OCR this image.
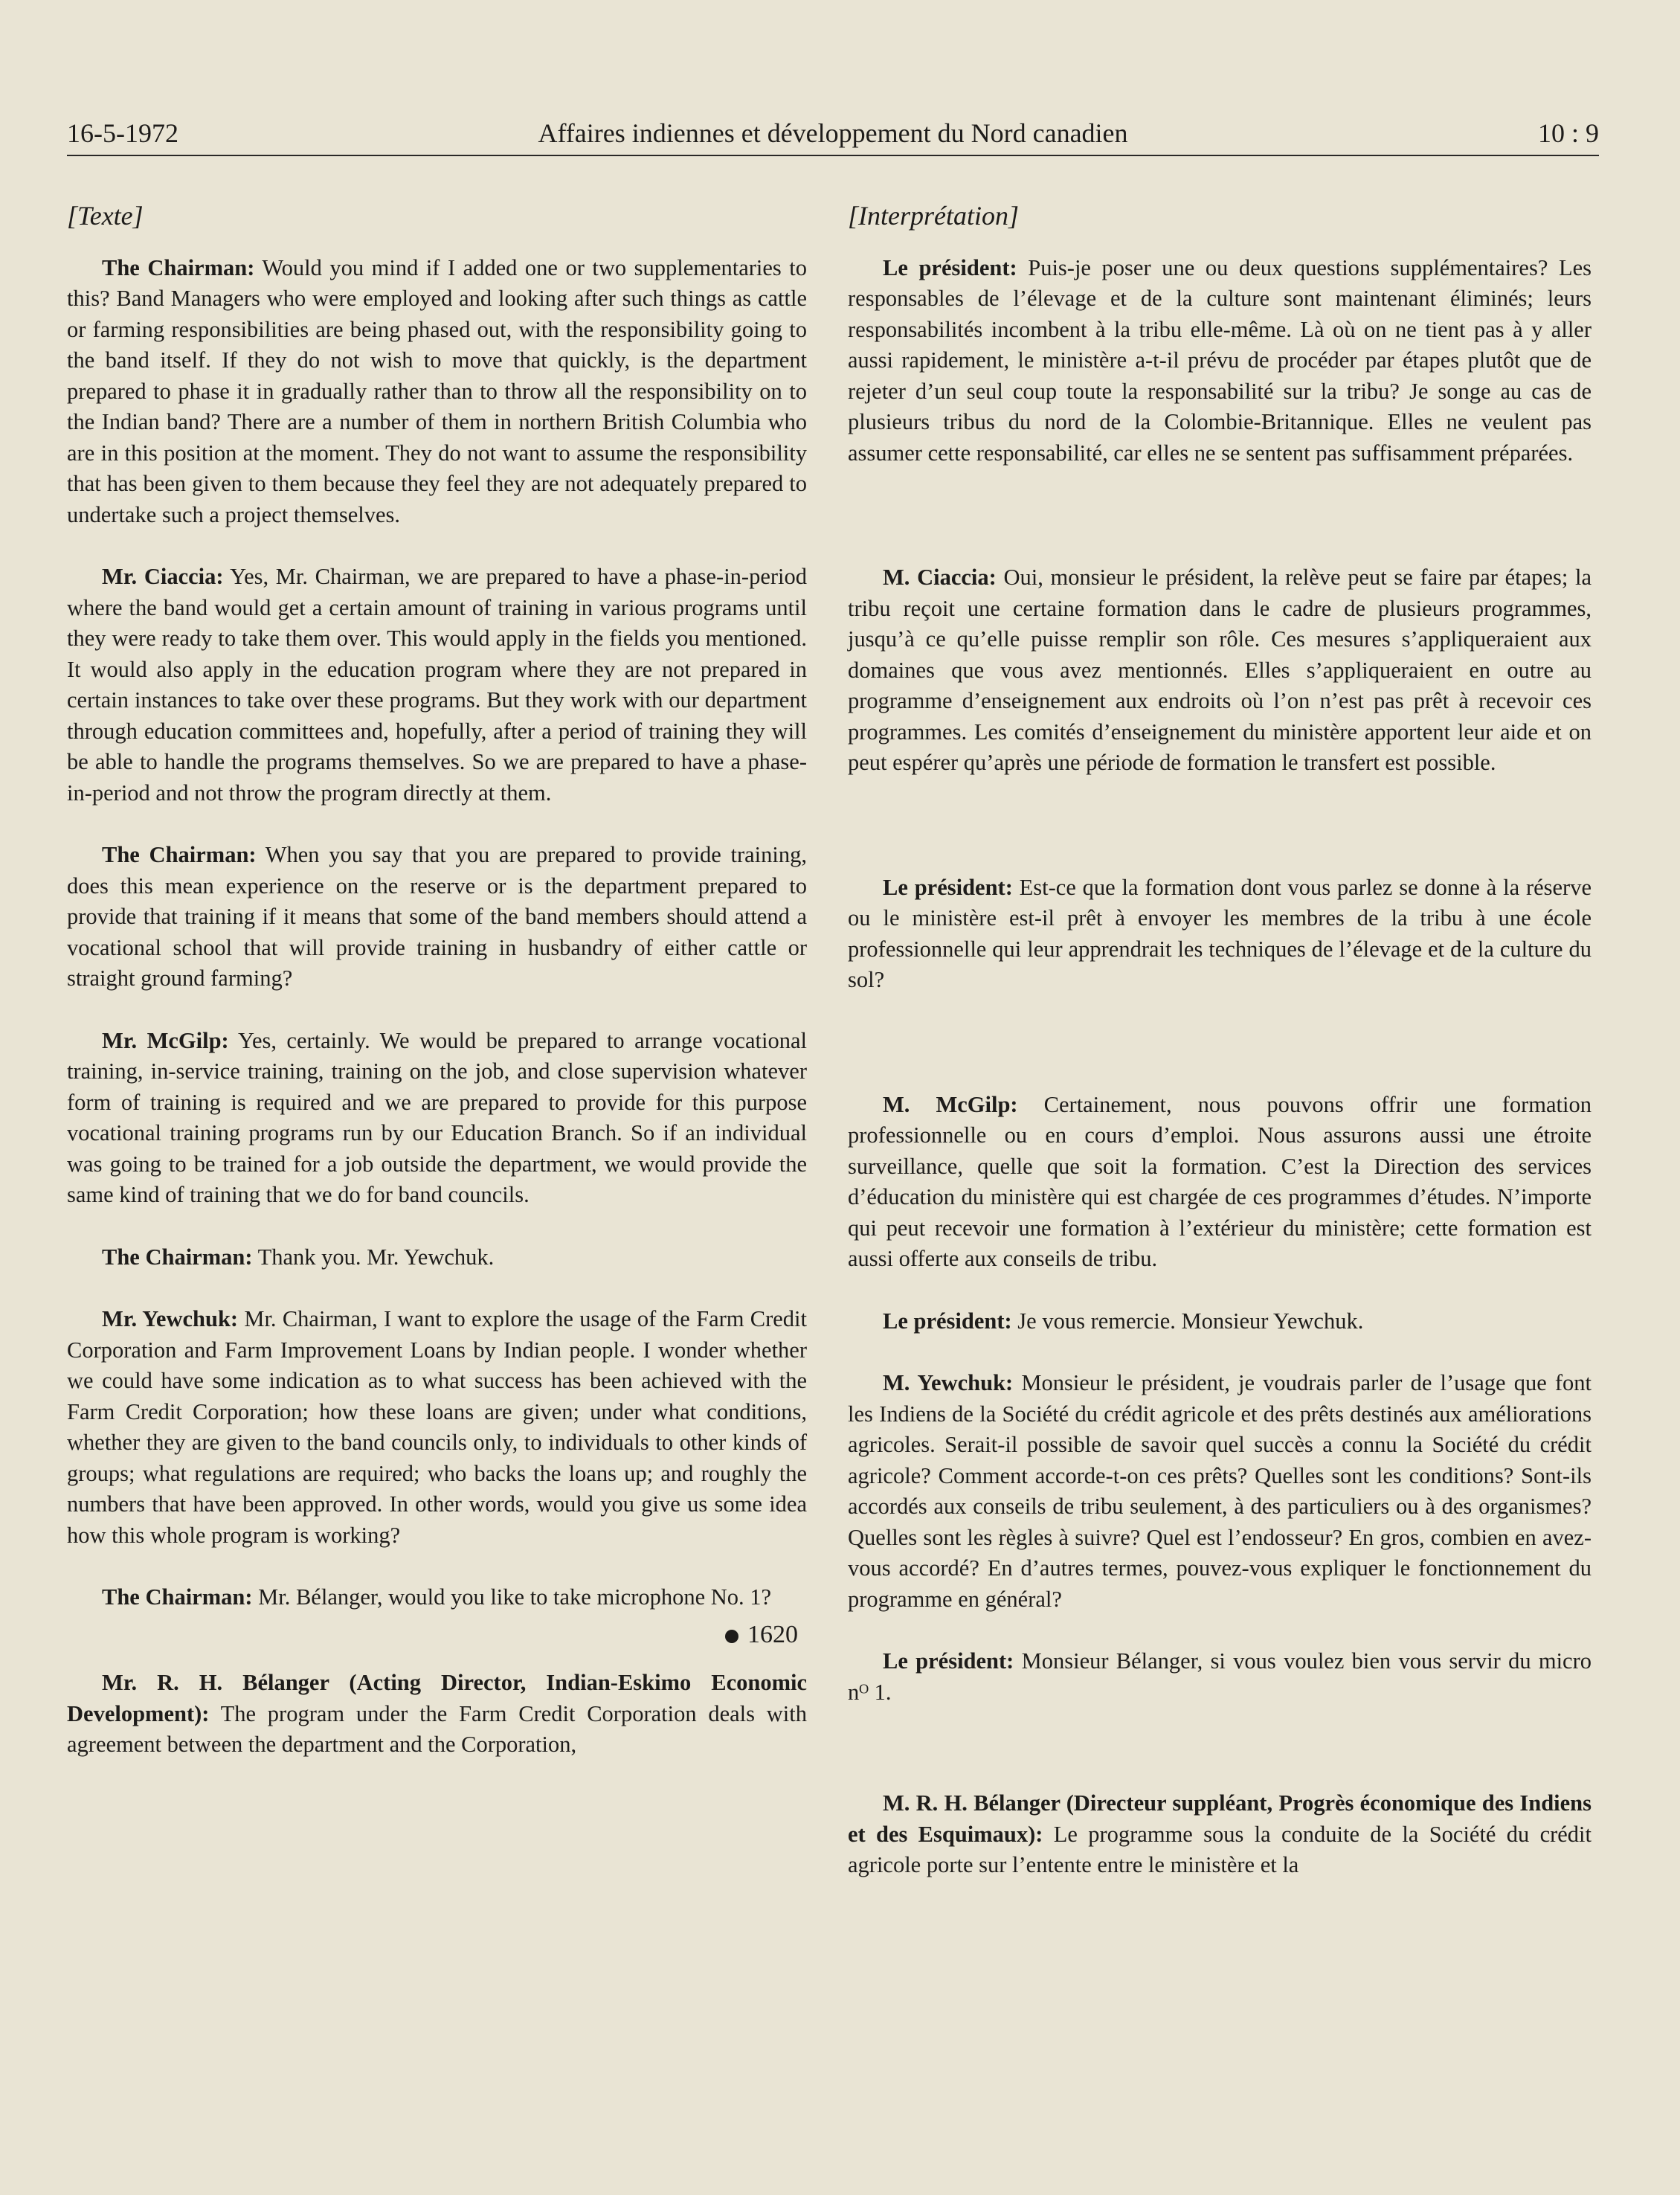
16-5-1972	Affaires indiennes et développement du Nord canadien	10 : 9
[Texte]

The Chairman: Would you mind if I added one or two supplementaries to this? Band Managers who were employed and looking after such things as cattle or farming responsibilities are being phased out, with the responsibility going to the band itself. If they do not wish to move that quickly, is the department prepared to phase it in gradually rather than to throw all the responsibility on to the Indian band? There are a number of them in northern British Columbia who are in this position at the moment. They do not want to assume the responsibility that has been given to them because they feel they are not adequately prepared to undertake such a project themselves.

Mr. Ciaccia: Yes, Mr. Chairman, we are prepared to have a phase-in-period where the band would get a certain amount of training in various programs until they were ready to take them over. This would apply in the fields you mentioned. It would also apply in the education program where they are not prepared in certain instances to take over these programs. But they work with our department through education committees and, hopefully, after a period of training they will be able to handle the programs themselves. So we are prepared to have a phase-in-period and not throw the program directly at them.

The Chairman: When you say that you are prepared to provide training, does this mean experience on the reserve or is the department prepared to provide that training if it means that some of the band members should attend a vocational school that will provide training in husbandry of either cattle or straight ground farming?

Mr. McGilp: Yes, certainly. We would be prepared to arrange vocational training, in-service training, training on the job, and close supervision whatever form of training is required and we are prepared to provide for this purpose vocational training programs run by our Education Branch. So if an individual was going to be trained for a job outside the department, we would provide the same kind of training that we do for band councils.

The Chairman: Thank you. Mr. Yewchuk.

Mr. Yewchuk: Mr. Chairman, I want to explore the usage of the Farm Credit Corporation and Farm Improvement Loans by Indian people. I wonder whether we could have some indication as to what success has been achieved with the Farm Credit Corporation; how these loans are given; under what conditions, whether they are given to the band councils only, to individuals to other kinds of groups; what regulations are required; who backs the loans up; and roughly the numbers that have been approved. In other words, would you give us some idea how this whole program is working?

The Chairman: Mr. Bélanger, would you like to take microphone No. 1?

1620

Mr. R. H. Bélanger (Acting Director, Indian-Eskimo Economic Development): The program under the Farm Credit Corporation deals with agreement between the department and the Corporation,

[Interprétation]

Le président: Puis-je poser une ou deux questions supplémentaires? Les responsables de l’élevage et de la culture sont maintenant éliminés; leurs responsabilités incombent à la tribu elle-même. Là où on ne tient pas à y aller aussi rapidement, le ministère a-t-il prévu de procéder par étapes plutôt que de rejeter d’un seul coup toute la responsabilité sur la tribu? Je songe au cas de plusieurs tribus du nord de la Colombie-Britannique. Elles ne veulent pas assumer cette responsabilité, car elles ne se sentent pas suffisamment préparées.

M. Ciaccia: Oui, monsieur le président, la relève peut se faire par étapes; la tribu reçoit une certaine formation dans le cadre de plusieurs programmes, jusqu’à ce qu’elle puisse remplir son rôle. Ces mesures s’appliqueraient aux domaines que vous avez mentionnés. Elles s’appliqueraient en outre au programme d’enseignement aux endroits où l’on n’est pas prêt à recevoir ces programmes. Les comités d’enseignement du ministère apportent leur aide et on peut espérer qu’après une période de formation le transfert est possible.

Le président: Est-ce que la formation dont vous parlez se donne à la réserve ou le ministère est-il prêt à envoyer les membres de la tribu à une école professionnelle qui leur apprendrait les techniques de l’élevage et de la culture du sol?

M. McGilp: Certainement, nous pouvons offrir une formation professionnelle ou en cours d’emploi. Nous assurons aussi une étroite surveillance, quelle que soit la formation. C’est la Direction des services d’éducation du ministère qui est chargée de ces programmes d’études. N’importe qui peut recevoir une formation à l’extérieur du ministère; cette formation est aussi offerte aux conseils de tribu.

Le président: Je vous remercie. Monsieur Yewchuk.

M. Yewchuk: Monsieur le président, je voudrais parler de l’usage que font les Indiens de la Société du crédit agricole et des prêts destinés aux améliorations agricoles. Serait-il possible de savoir quel succès a connu la Société du crédit agricole? Comment accorde-t-on ces prêts? Quelles sont les conditions? Sont-ils accordés aux conseils de tribu seulement, à des particuliers ou à des organismes? Quelles sont les règles à suivre? Quel est l’endosseur? En gros, combien en avez-vous accordé? En d’autres termes, pouvez-vous expliquer le fonctionnement du programme en général?

Le président: Monsieur Bélanger, si vous voulez bien vous servir du micro nᴼ 1.

M. R. H. Bélanger (Directeur suppléant, Progrès économique des Indiens et des Esquimaux): Le programme sous la conduite de la Société du crédit agricole porte sur l’entente entre le ministère et la
